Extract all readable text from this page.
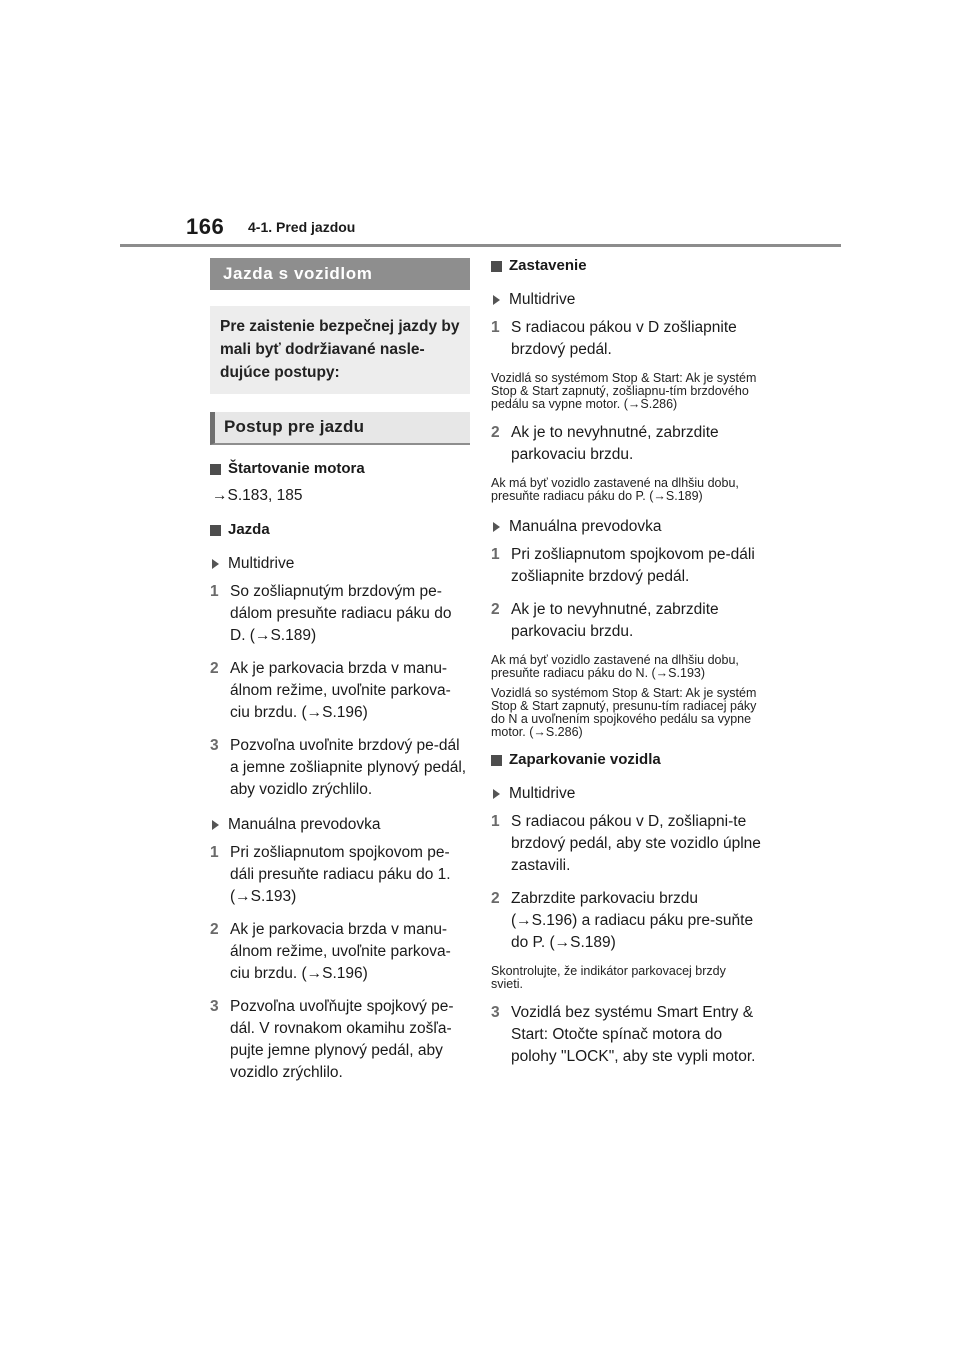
166 4-1. Pred jazdou
Jazda s vozidlom
Pre zaistenie bezpečnej jazdy by mali byť dodržiavané nasle-dujúce postupy:
Postup pre jazdu
Štartovanie motora
→S.183, 185
Jazda
Multidrive
1 So zošliapnutým brzdovým pe-dálom presuňte radiacu páku do D. (→S.189)
2 Ak je parkovacia brzda v manu-álnom režime, uvoľnite parkova-ciu brzdu. (→S.196)
3 Pozvoľna uvoľnite brzdový pe-dál a jemne zošliapnite plynový pedál, aby vozidlo zrýchlilo.
Manuálna prevodovka
1 Pri zošliapnutom spojkovom pe-dáli presuňte radiacu páku do 1. (→S.193)
2 Ak je parkovacia brzda v manu-álnom režime, uvoľnite parkova-ciu brzdu. (→S.196)
3 Pozvoľna uvoľňujte spojkový pe-dál. V rovnakom okamihu zošľa-pujte jemne plynový pedál, aby vozidlo zrýchlilo.
Zastavenie
Multidrive
1 S radiacou pákou v D zošliapnite brzdový pedál.
Vozidlá so systémom Stop & Start: Ak je systém Stop & Start zapnutý, zošliapnu-tím brzdového pedálu sa vypne motor. (→S.286)
2 Ak je to nevyhnutné, zabrzdite parkovaciu brzdu.
Ak má byť vozidlo zastavené na dlhšiu dobu, presuňte radiacu páku do P. (→S.189)
Manuálna prevodovka
1 Pri zošliapnutom spojkovom pe-dáli zošliapnite brzdový pedál.
2 Ak je to nevyhnutné, zabrzdite parkovaciu brzdu.
Ak má byť vozidlo zastavené na dlhšiu dobu, presuňte radiacu páku do N. (→S.193)
Vozidlá so systémom Stop & Start: Ak je systém Stop & Start zapnutý, presunu-tím radiacej páky do N a uvoľnením spojkového pedálu sa vypne motor. (→S.286)
Zaparkovanie vozidla
Multidrive
1 S radiacou pákou v D, zošliapni-te brzdový pedál, aby ste vozidlo úplne zastavili.
2 Zabrzdite parkovaciu brzdu (→S.196) a radiacu páku pre-suňte do P. (→S.189)
Skontrolujte, že indikátor parkovacej brzdy svieti.
3 Vozidlá bez systému Smart Entry & Start: Otočte spínač motora do polohy "LOCK", aby ste vypli motor.
